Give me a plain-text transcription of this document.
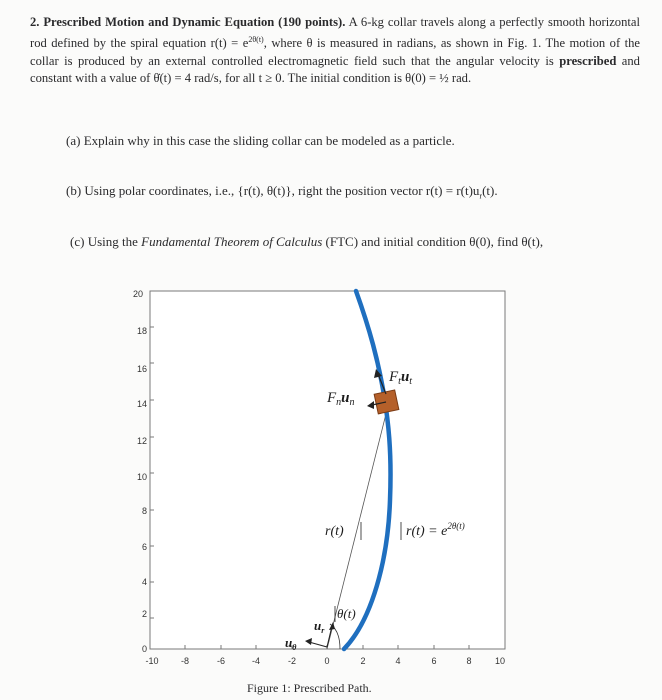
2. Prescribed Motion and Dynamic Equation (190 points). A 6-kg collar travels along a perfectly smooth horizontal rod defined by the spiral equation $r(t) = e^{2\theta(t)}$, where θ is measured in radians, as shown in Fig. 1. The motion of the collar is produced by an external controlled electromagnetic field such that the angular velocity is prescribed and constant with a value of θ̇(t) = 4 rad/s, for all t ≥ 0. The initial condition is θ(0) = ½ rad.
(a) Explain why in this case the sliding collar can be modeled as a particle.
(b) Using polar coordinates, i.e., {r(t), θ(t)}, right the position vector $r(t) = r(t)u_r(t)$.
(c) Using the Fundamental Theorem of Calculus (FTC) and initial condition θ(0), find θ(t),
0
2
4
6
8
10
12
14
16
18
20
-10 -8	-6	-4	-2	0	2	4	6	8	10
$F_tu_t$
$F_nu_n$
r(t)	$r(t) = e^{2\theta(t)}$
θ(t)
$u_r$
$u_\theta$
Figure 1: Prescribed Path.
